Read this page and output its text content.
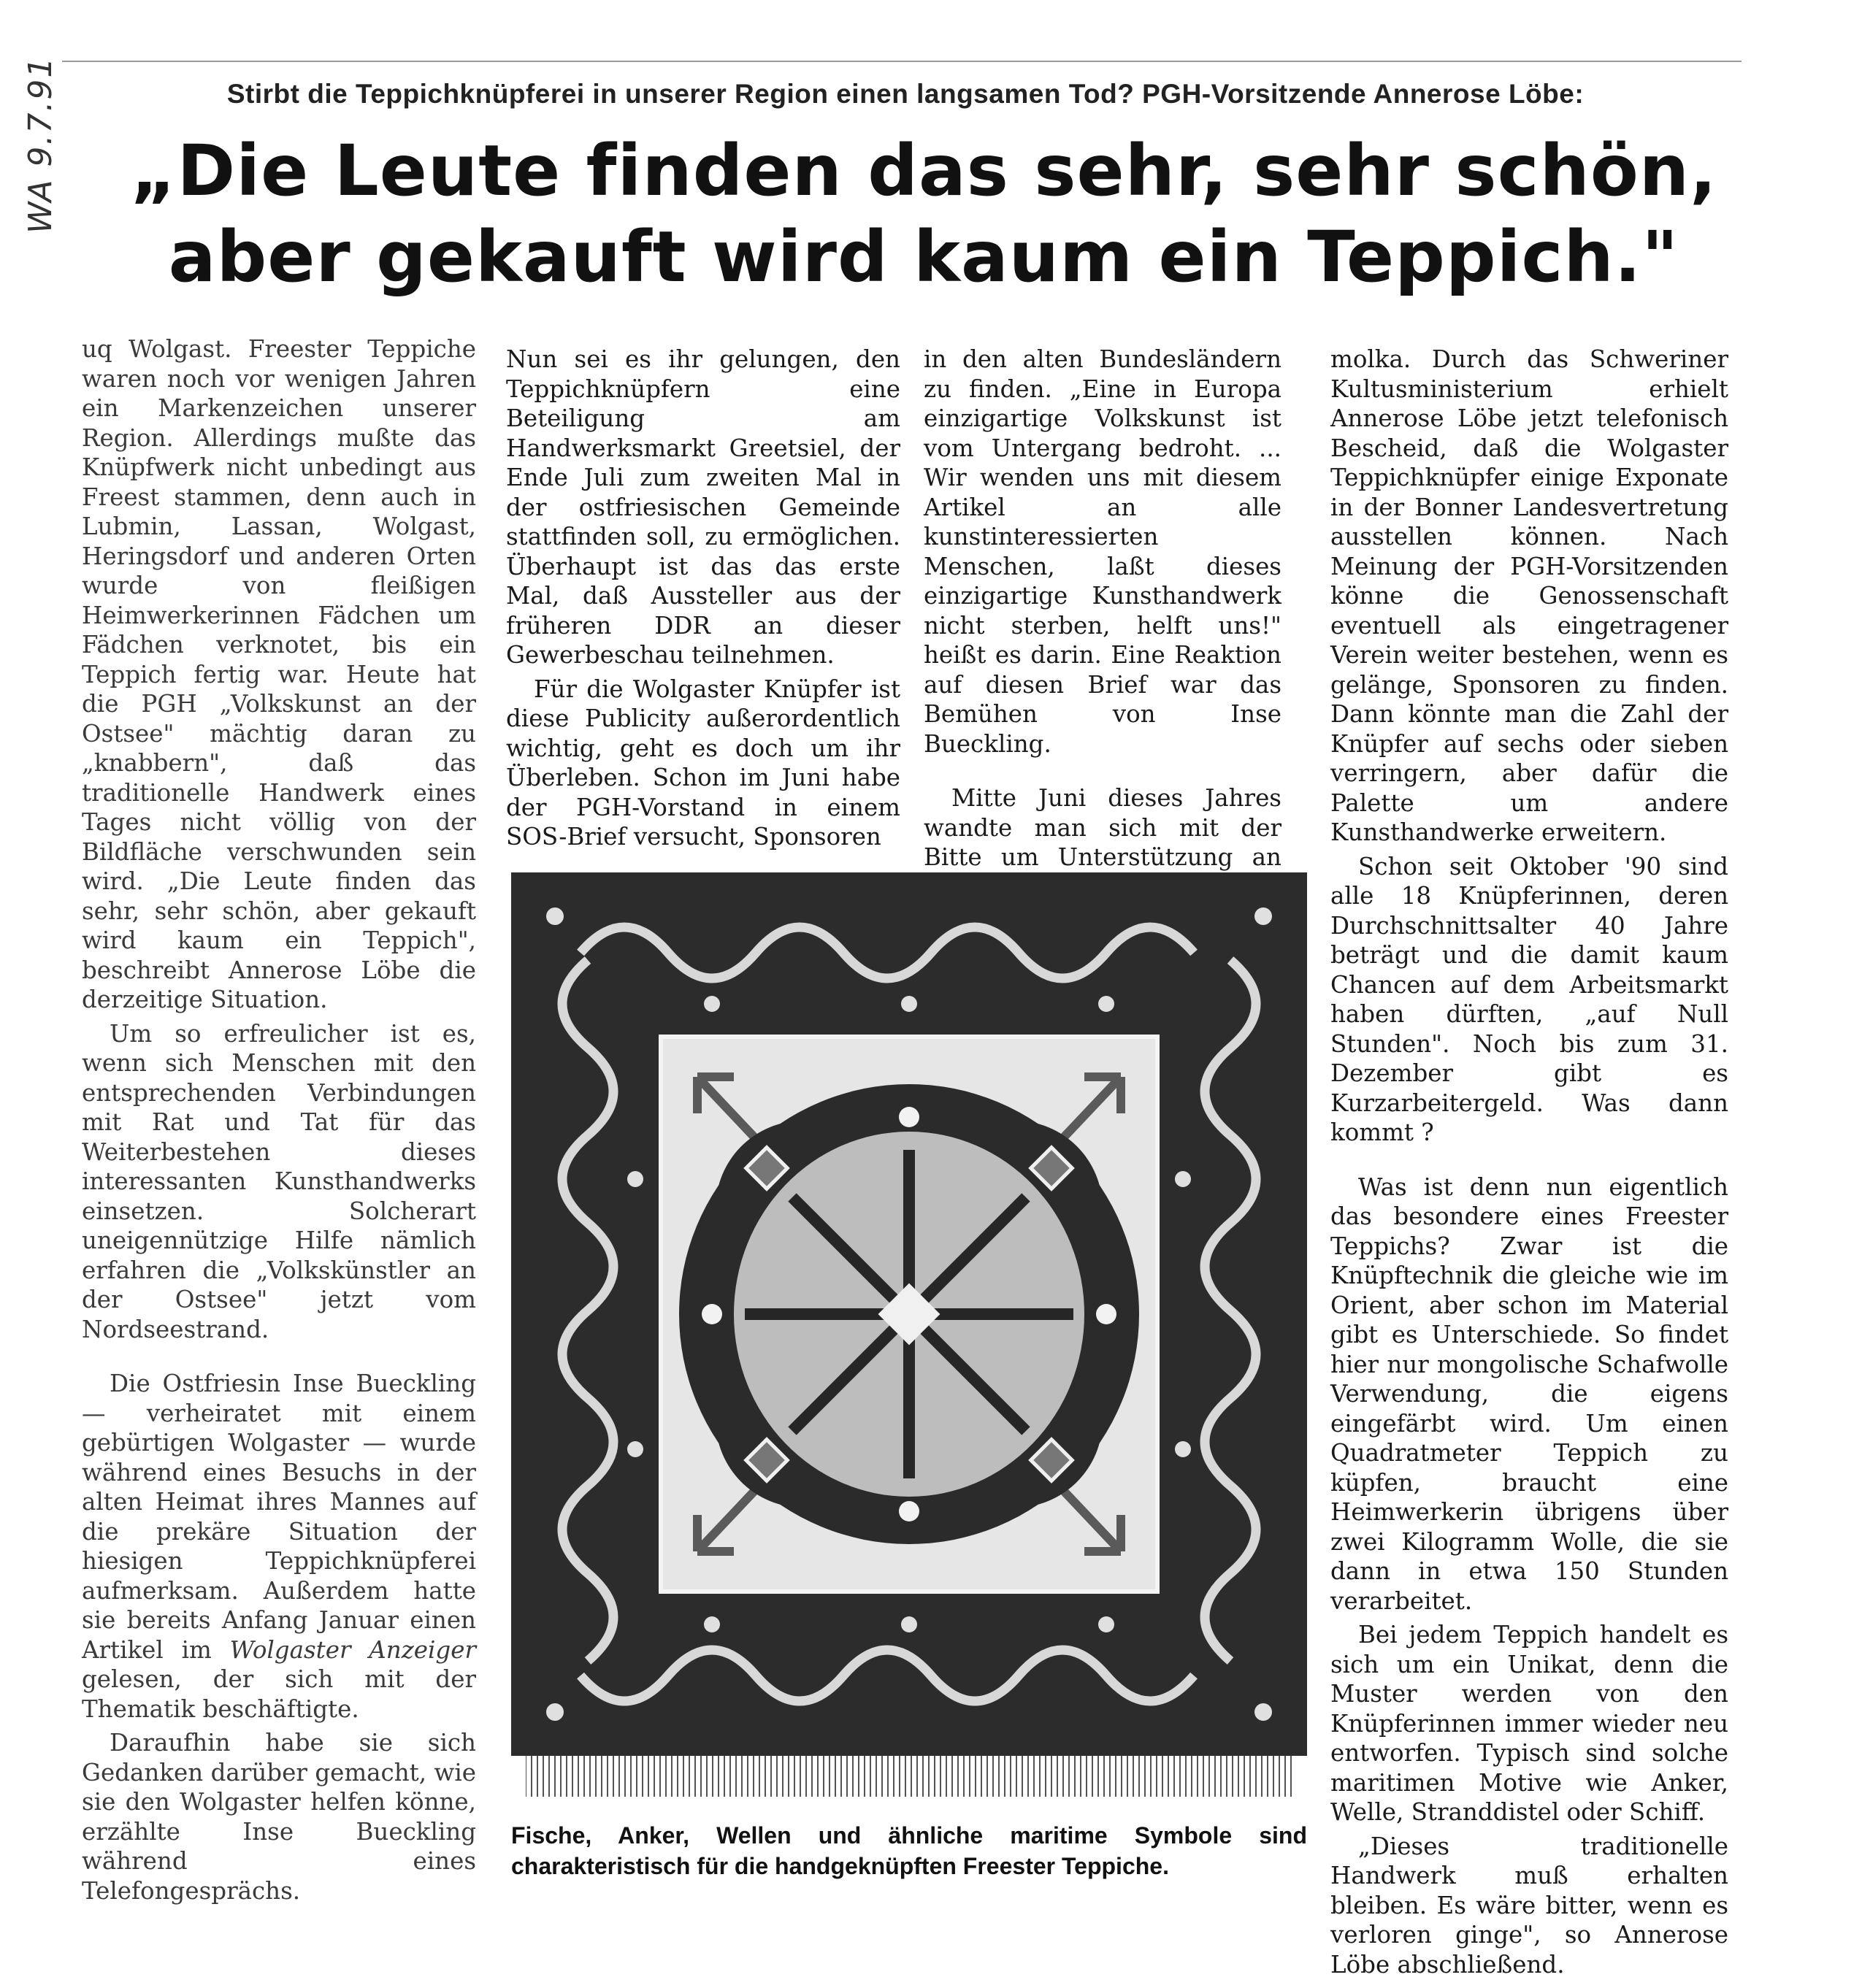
Stirbt die Teppichknüpferei in unserer Region einen langsamen Tod? PGH-Vorsitzende Annerose Löbe:
„Die Leute finden das sehr, sehr schön,
aber gekauft wird kaum ein Teppich."
WA 9.7.91

uq Wolgast. Freester Teppiche waren noch vor wenigen Jahren ein Markenzeichen unserer Region. Allerdings mußte das Knüpfwerk nicht unbedingt aus Freest stammen, denn auch in Lubmin, Lassan, Wolgast, Heringsdorf und anderen Orten wurde von fleißigen Heimwerkerinnen Fädchen um Fädchen verknotet, bis ein Teppich fertig war. Heute hat die PGH „Volkskunst an der Ostsee" mächtig daran zu „knabbern", daß das traditionelle Handwerk eines Tages nicht völlig von der Bildfläche verschwunden sein wird. „Die Leute finden das sehr, sehr schön, aber gekauft wird kaum ein Teppich", beschreibt Annerose Löbe die derzeitige Situation.

Um so erfreulicher ist es, wenn sich Menschen mit den entsprechenden Verbindungen mit Rat und Tat für das Weiterbestehen dieses interessanten Kunsthandwerks einsetzen. Solcherart uneigennützige Hilfe nämlich erfahren die „Volkskünstler an der Ostsee" jetzt vom Nordseestrand.

Die Ostfriesin Inse Bueckling — verheiratet mit einem gebürtigen Wolgaster — wurde während eines Besuchs in der alten Heimat ihres Mannes auf die prekäre Situation der hiesigen Teppichknüpferei aufmerksam. Außerdem hatte sie bereits Anfang Januar einen Artikel im Wolgaster Anzeiger gelesen, der sich mit der Thematik beschäftigte.

Daraufhin habe sie sich Gedanken darüber gemacht, wie sie den Wolgaster helfen könne, erzählte Inse Bueckling während eines Telefongesprächs.

Nun sei es ihr gelungen, den Teppichknüpfern eine Beteiligung am Handwerksmarkt Greetsiel, der Ende Juli zum zweiten Mal in der ostfriesischen Gemeinde stattfinden soll, zu ermöglichen. Überhaupt ist das das erste Mal, daß Aussteller aus der früheren DDR an dieser Gewerbeschau teilnehmen.

Für die Wolgaster Knüpfer ist diese Publicity außerordentlich wichtig, geht es doch um ihr Überleben. Schon im Juni habe der PGH-Vorstand in einem SOS-Brief versucht, Sponsoren

in den alten Bundesländern zu finden. „Eine in Europa einzigartige Volkskunst ist vom Untergang bedroht. ... Wir wenden uns mit diesem Artikel an alle kunstinteressierten Menschen, laßt dieses einzigartige Kunsthandwerk nicht sterben, helft uns!" heißt es darin. Eine Reaktion auf diesen Brief war das Bemühen von Inse Bueckling.

Mitte Juni dieses Jahres wandte man sich mit der Bitte um Unterstützung an

molka. Durch das Schweriner Kultusministerium erhielt Annerose Löbe jetzt telefonisch Bescheid, daß die Wolgaster Teppichknüpfer einige Exponate in der Bonner Landesvertretung ausstellen können. Nach Meinung der PGH-Vorsitzenden könne die Genossenschaft eventuell als eingetragener Verein weiter bestehen, wenn es gelänge, Sponsoren zu finden. Dann könnte man die Zahl der Knüpfer auf sechs oder sieben verringern, aber dafür die Palette um andere Kunsthandwerke erweitern.

Schon seit Oktober '90 sind alle 18 Knüpferinnen, deren Durchschnittsalter 40 Jahre beträgt und die damit kaum Chancen auf dem Arbeitsmarkt haben dürften, „auf Null Stunden". Noch bis zum 31. Dezember gibt es Kurzarbeitergeld. Was dann kommt ?

Was ist denn nun eigentlich das besondere eines Freester Teppichs? Zwar ist die Knüpftechnik die gleiche wie im Orient, aber schon im Material gibt es Unterschiede. So findet hier nur mongolische Schafwolle Verwendung, die eigens eingefärbt wird. Um einen Quadratmeter Teppich zu küpfen, braucht eine Heimwerkerin übrigens über zwei Kilogramm Wolle, die sie dann in etwa 150 Stunden verarbeitet.

Bei jedem Teppich handelt es sich um ein Unikat, denn die Muster werden von den Knüpferinnen immer wieder neu entworfen. Typisch sind solche maritimen Motive wie Anker, Welle, Stranddistel oder Schiff.

„Dieses traditionelle Handwerk muß erhalten bleiben. Es wäre bitter, wenn es verloren ginge", so Annerose Löbe abschließend.

Fische, Anker, Wellen und ähnliche maritime Symbole sind charakteristisch für die handgeknüpften Freester Teppiche.
